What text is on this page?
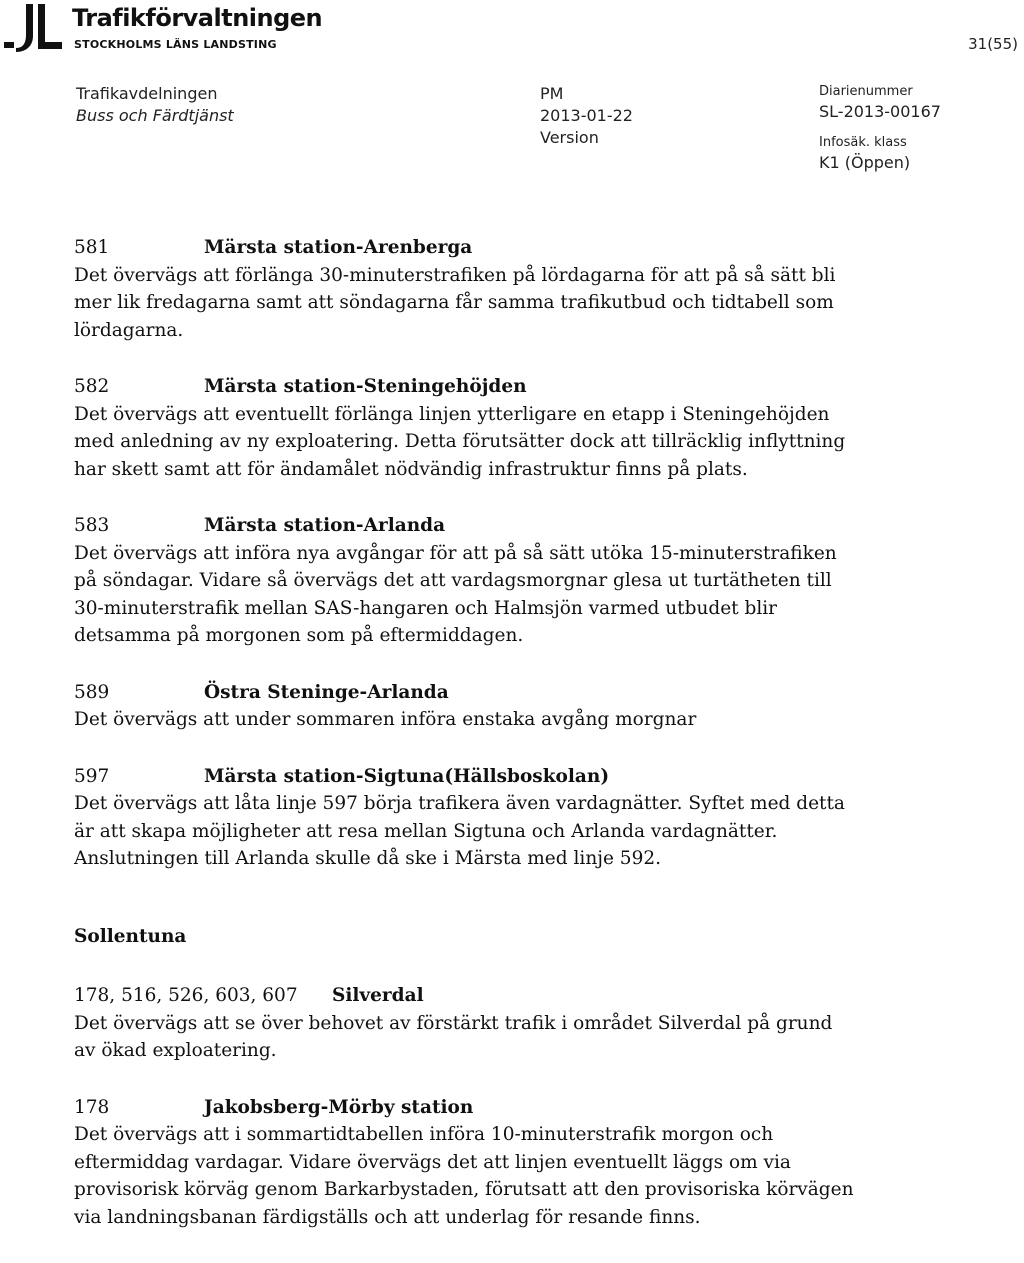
Trafikförvaltningen
STOCKHOLMS LÄNS LANDSTING	31(55)
Trafikavdelningen
Buss och Färdtjänst
PM
2013-01-22
Version
Diarienummer
SL-2013-00167
Infosäk. klass
K1 (Öppen)
581	Märsta station-Arenberga

Det övervägs att förlänga 30-minuterstrafiken på lördagarna för att på så sätt bli mer lik fredagarna samt att söndagarna får samma trafikutbud och tidtabell som lördagarna.

582	Märsta station-Steningehöjden

Det övervägs att eventuellt förlänga linjen ytterligare en etapp i Steningehöjden med anledning av ny exploatering. Detta förutsätter dock att tillräcklig inflyttning har skett samt att för ändamålet nödvändig infrastruktur finns på plats.

583	Märsta station-Arlanda

Det övervägs att införa nya avgångar för att på så sätt utöka 15-minuterstrafiken på söndagar. Vidare så övervägs det att vardagsmorgnar glesa ut turtätheten till 30-minuterstrafik mellan SAS-hangaren och Halmsjön varmed utbudet blir detsamma på morgonen som på eftermiddagen.

589	Östra Steninge-Arlanda

Det övervägs att under sommaren införa enstaka avgång morgnar

597	Märsta station-Sigtuna(Hällsboskolan)

Det övervägs att låta linje 597 börja trafikera även vardagnätter. Syftet med detta är att skapa möjligheter att resa mellan Sigtuna och Arlanda vardagnätter. Anslutningen till Arlanda skulle då ske i Märsta med linje 592.

Sollentuna
178, 516, 526, 603, 607	Silverdal

Det övervägs att se över behovet av förstärkt trafik i området Silverdal på grund av ökad exploatering.

178	Jakobsberg-Mörby station

Det övervägs att i sommartidtabellen införa 10-minuterstrafik morgon och eftermiddag vardagar. Vidare övervägs det att linjen eventuellt läggs om via provisorisk körväg genom Barkarbystaden, förutsatt att den provisoriska körvägen via landningsbanan färdigställs och att underlag för resande finns.
